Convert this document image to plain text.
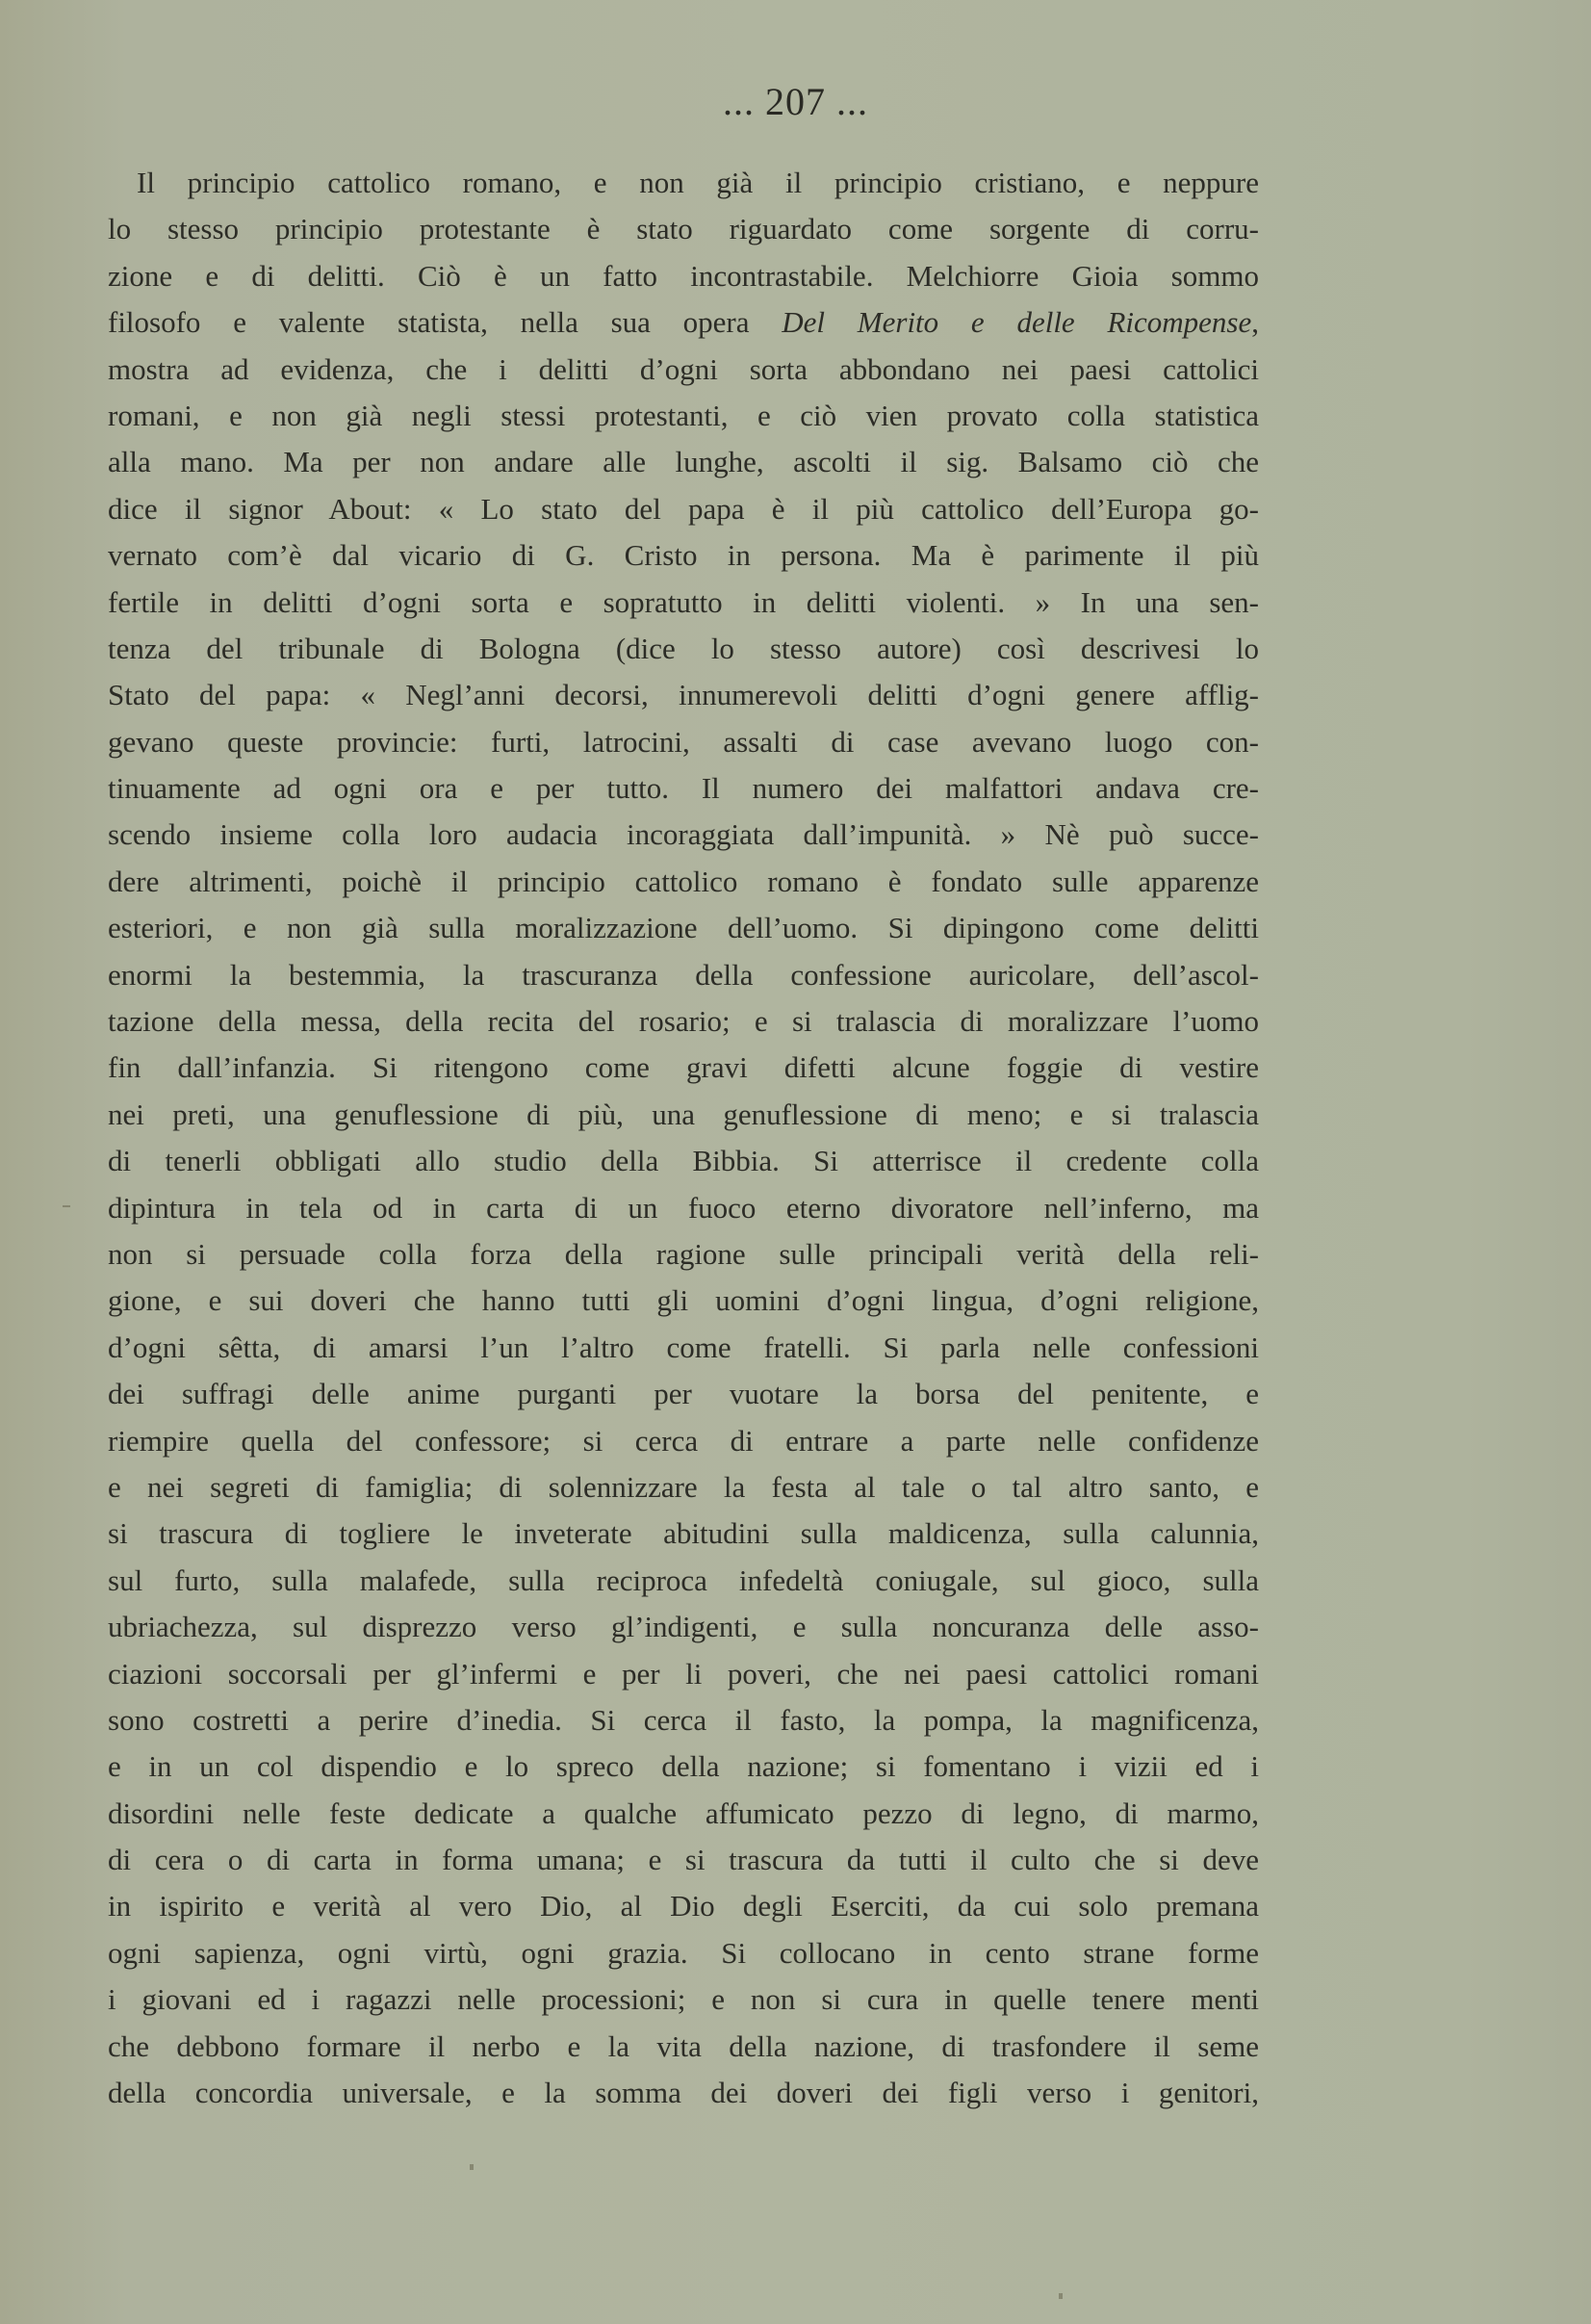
... 207 ...
Il principio cattolico romano, e non già il principio cristiano, e neppure
lo stesso principio protestante è stato riguardato come sorgente di corru-
zione e di delitti. Ciò è un fatto incontrastabile. Melchiorre Gioia sommo
filosofo e valente statista, nella sua opera Del Merito e delle Ricompense,
mostra ad evidenza, che i delitti d’ogni sorta abbondano nei paesi cattolici
romani, e non già negli stessi protestanti, e ciò vien provato colla statistica
alla mano. Ma per non andare alle lunghe, ascolti il sig. Balsamo ciò che
dice il signor About: « Lo stato del papa è il più cattolico dell’Europa go-
vernato com’è dal vicario di G. Cristo in persona. Ma è parimente il più
fertile in delitti d’ogni sorta e sopratutto in delitti violenti. » In una sen-
tenza del tribunale di Bologna (dice lo stesso autore) così descrivesi lo
Stato del papa: « Negl’anni decorsi, innumerevoli delitti d’ogni genere afflig-
gevano queste provincie: furti, latrocini, assalti di case avevano luogo con-
tinuamente ad ogni ora e per tutto. Il numero dei malfattori andava cre-
scendo insieme colla loro audacia incoraggiata dall’impunità. » Nè può succe-
dere altrimenti, poichè il principio cattolico romano è fondato sulle apparenze
esteriori, e non già sulla moralizzazione dell’uomo. Si dipingono come delitti
enormi la bestemmia, la trascuranza della confessione auricolare, dell’ascol-
tazione della messa, della recita del rosario; e si tralascia di moralizzare l’uomo
fin dall’infanzia. Si ritengono come gravi difetti alcune foggie di vestire
nei preti, una genuflessione di più, una genuflessione di meno; e si tralascia
di tenerli obbligati allo studio della Bibbia. Si atterrisce il credente colla
dipintura in tela od in carta di un fuoco eterno divoratore nell’inferno, ma
non si persuade colla forza della ragione sulle principali verità della reli-
gione, e sui doveri che hanno tutti gli uomini d’ogni lingua, d’ogni religione,
d’ogni sêtta, di amarsi l’un l’altro come fratelli. Si parla nelle confessioni
dei suffragi delle anime purganti per vuotare la borsa del penitente, e
riempire quella del confessore; si cerca di entrare a parte nelle confidenze
e nei segreti di famiglia; di solennizzare la festa al tale o tal altro santo, e
si trascura di togliere le inveterate abitudini sulla maldicenza, sulla calunnia,
sul furto, sulla malafede, sulla reciproca infedeltà coniugale, sul gioco, sulla
ubriachezza, sul disprezzo verso gl’indigenti, e sulla noncuranza delle asso-
ciazioni soccorsali per gl’infermi e per li poveri, che nei paesi cattolici romani
sono costretti a perire d’inedia. Si cerca il fasto, la pompa, la magnificenza,
e in un col dispendio e lo spreco della nazione; si fomentano i vizii ed i
disordini nelle feste dedicate a qualche affumicato pezzo di legno, di marmo,
di cera o di carta in forma umana; e si trascura da tutti il culto che si deve
in ispirito e verità al vero Dio, al Dio degli Eserciti, da cui solo premana
ogni sapienza, ogni virtù, ogni grazia. Si collocano in cento strane forme
i giovani ed i ragazzi nelle processioni; e non si cura in quelle tenere menti
che debbono formare il nerbo e la vita della nazione, di trasfondere il seme
della concordia universale, e la somma dei doveri dei figli verso i genitori,
